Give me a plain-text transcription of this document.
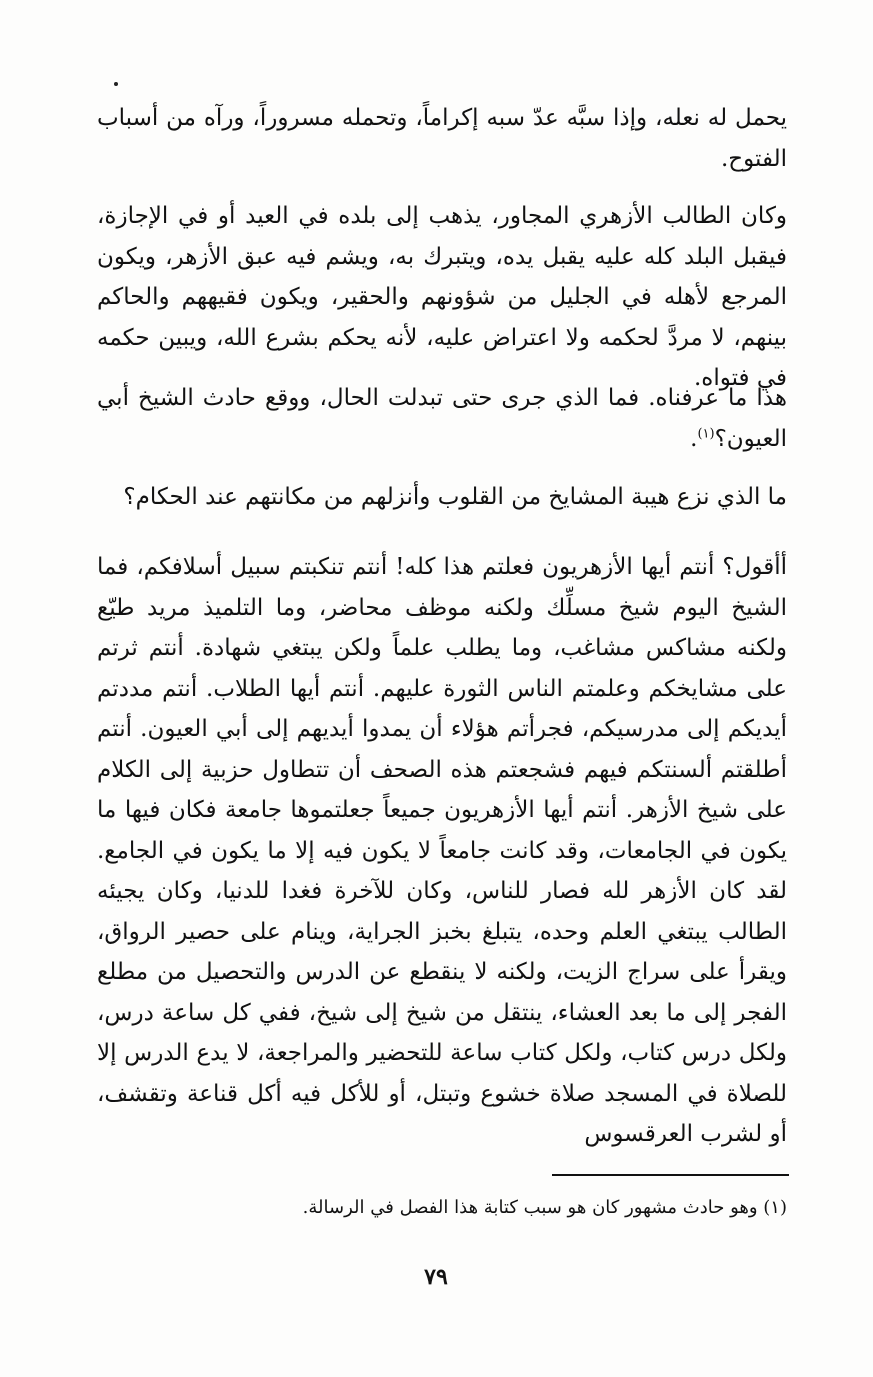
يحمل له نعله، وإذا سبَّه عدّ سبه إكراماً، وتحمله مسروراً، ورآه من أسباب الفتوح.

وكان الطالب الأزهري المجاور، يذهب إلى بلده في العيد أو في الإجازة، فيقبل البلد كله عليه يقبل يده، ويتبرك به، ويشم فيه عبق الأزهر، ويكون المرجع لأهله في الجليل من شؤونهم والحقير، ويكون فقيههم والحاكم بينهم، لا مردَّ لحكمه ولا اعتراض عليه، لأنه يحكم بشرع الله، ويبين حكمه في فتواه.

هذا ما عرفناه. فما الذي جرى حتى تبدلت الحال، ووقع حادث الشيخ أبي العيون؟$^{(١)}$.

ما الذي نزع هيبة المشايخ من القلوب وأنزلهم من مكانتهم عند الحكام؟

أأقول؟ أنتم أيها الأزهريون فعلتم هذا كله! أنتم تنكبتم سبيل أسلافكم، فما الشيخ اليوم شيخ مسلِّك ولكنه موظف محاضر، وما التلميذ مريد طيّع ولكنه مشاكس مشاغب، وما يطلب علماً ولكن يبتغي شهادة. أنتم ثرتم على مشايخكم وعلمتم الناس الثورة عليهم. أنتم أيها الطلاب. أنتم مددتم أيديكم إلى مدرسيكم، فجرأتم هؤلاء أن يمدوا أيديهم إلى أبي العيون. أنتم أطلقتم ألسنتكم فيهم فشجعتم هذه الصحف أن تتطاول حزبية إلى الكلام على شيخ الأزهر. أنتم أيها الأزهريون جميعاً جعلتموها جامعة فكان فيها ما يكون في الجامعات، وقد كانت جامعاً لا يكون فيه إلا ما يكون في الجامع. لقد كان الأزهر لله فصار للناس، وكان للآخرة فغدا للدنيا، وكان يجيئه الطالب يبتغي العلم وحده، يتبلغ بخبز الجراية، وينام على حصير الرواق، ويقرأ على سراج الزيت، ولكنه لا ينقطع عن الدرس والتحصيل من مطلع الفجر إلى ما بعد العشاء، ينتقل من شيخ إلى شيخ، ففي كل ساعة درس، ولكل درس كتاب، ولكل كتاب ساعة للتحضير والمراجعة، لا يدع الدرس إلا للصلاة في المسجد صلاة خشوع وتبتل، أو للأكل فيه أكل قناعة وتقشف، أو لشرب العرقسوس

(١) وهو حادث مشهور كان هو سبب كتابة هذا الفصل في الرسالة.

٧٩
